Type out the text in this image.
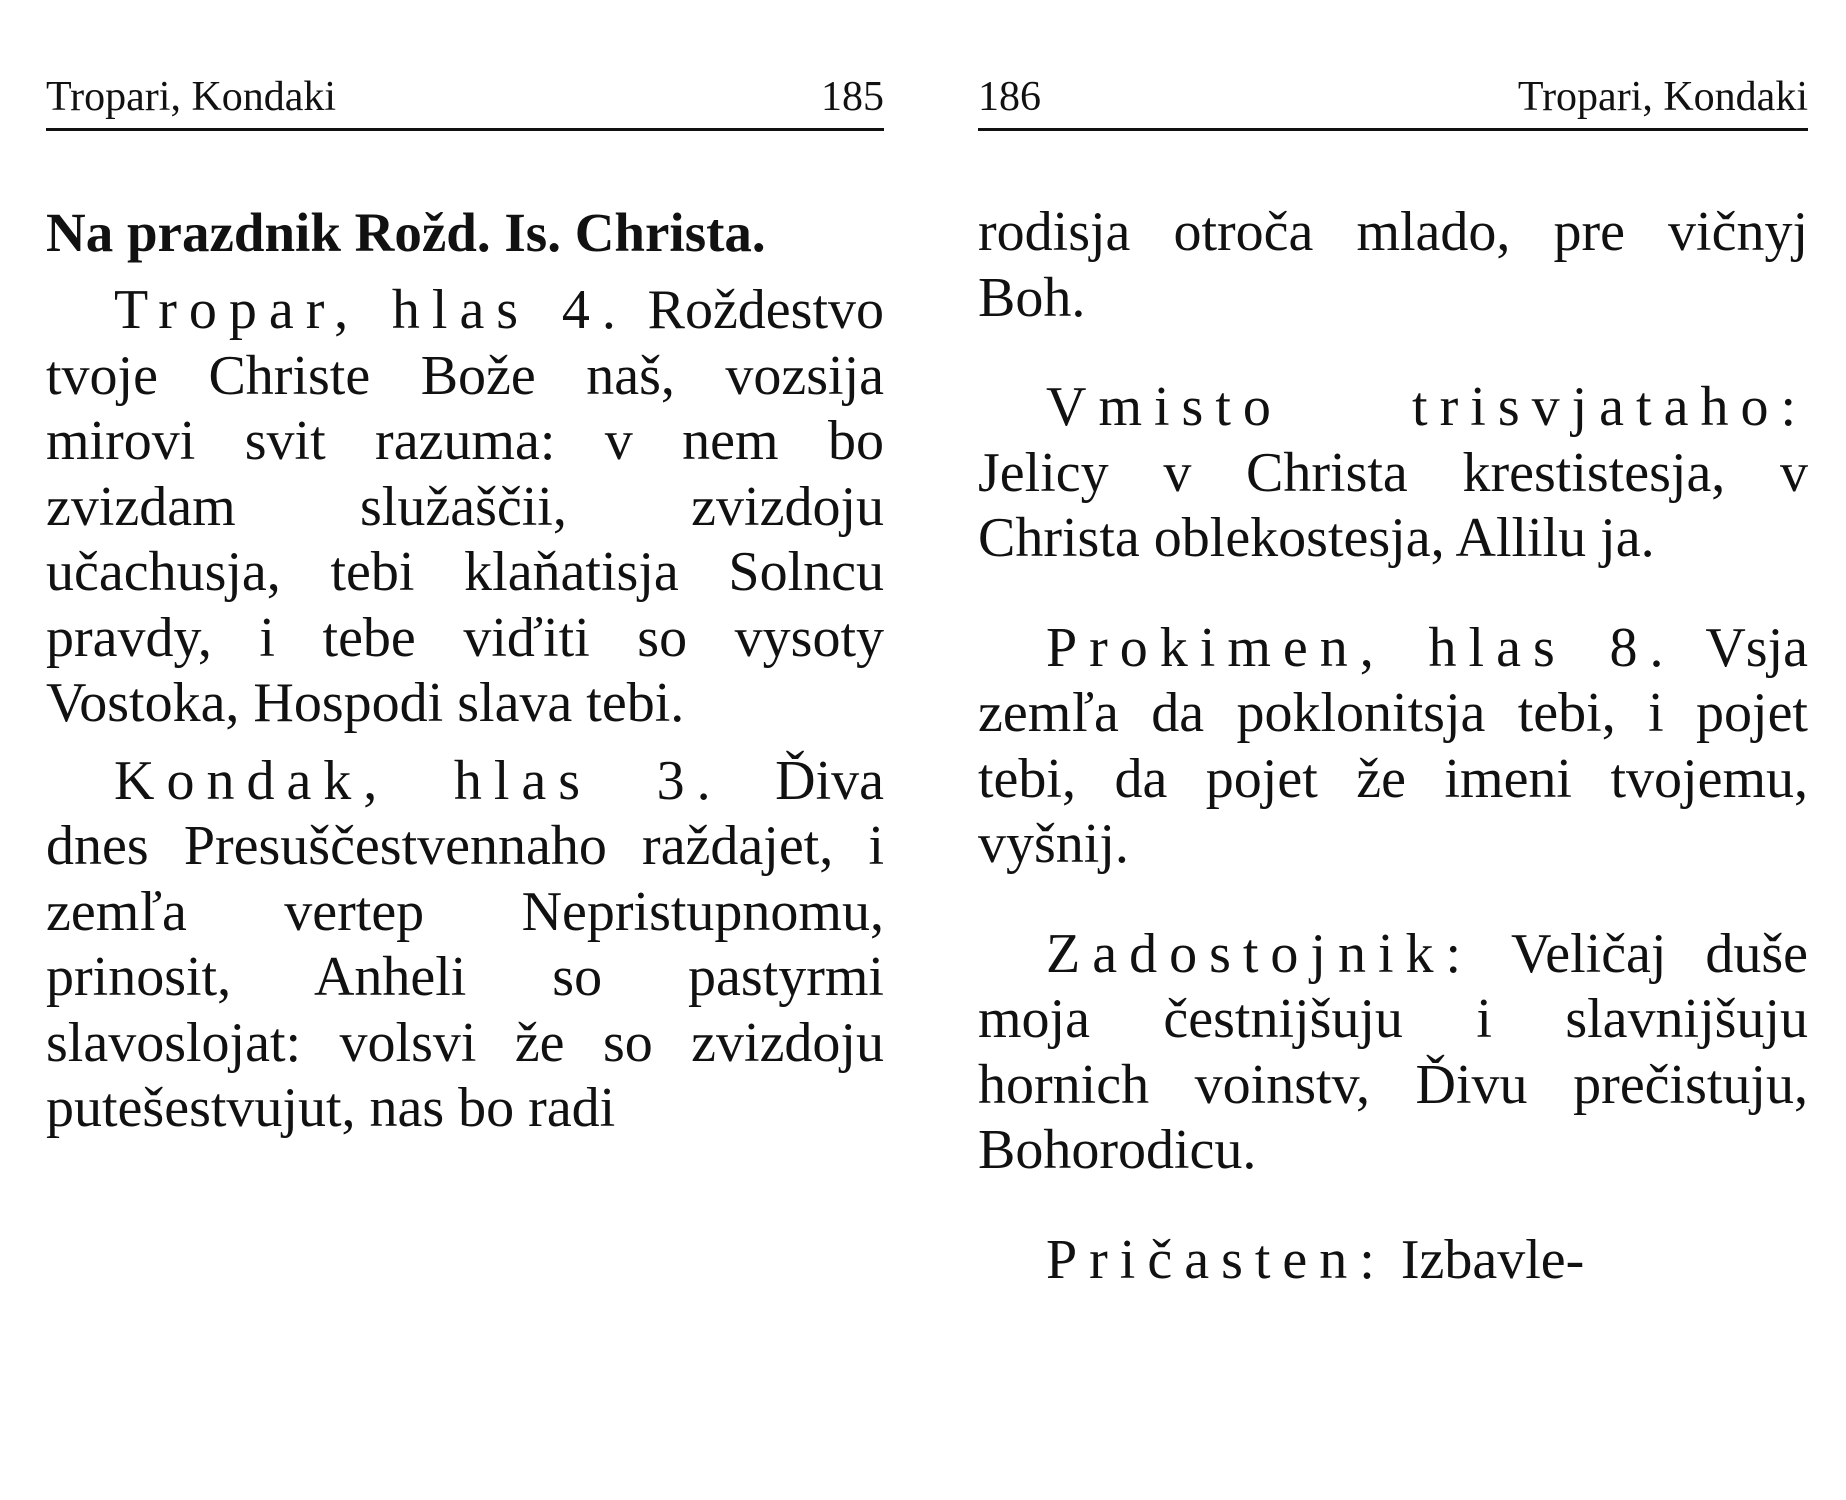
Tropari, Kondaki	185
Na prazdnik Rožd. Is. Christa.

Tropar, hlas 4. Roždestvo tvoje Christe Bože naš, vozsija mirovi svit razuma: v nem bo zvizdam služaščii, zvizdoju učachusja, tebi klaňatisja Solncu pravdy, i tebe viďiti so vysoty Vostoka, Hospodi slava tebi.

Kondak, hlas 3. Ďiva dnes Presuščestvennaho raždajet, i zemľa vertep Nepristupnomu, prinosit, Anheli so pastyrmi slavoslojat: volsvi že so zvizdoju putešestvujut, nas bo radi

186	Tropari, Kondaki

rodisja otroča mlado, pre vičnyj Boh.

Vmisto trisvjataho: Jelicy v Christa krestistesja, v Christa oblekostesja, Allilu ja.

Prokimen, hlas 8. Vsja zemľa da poklonitsja tebi, i pojet tebi, da pojet že imeni tvojemu, vyšnij.

Zadostojnik: Veličaj duše moja čestnijšuju i slavnijšuju hornich voinstv, Ďivu prečistuju, Bohorodicu.

Pričasten: Izbavle-
